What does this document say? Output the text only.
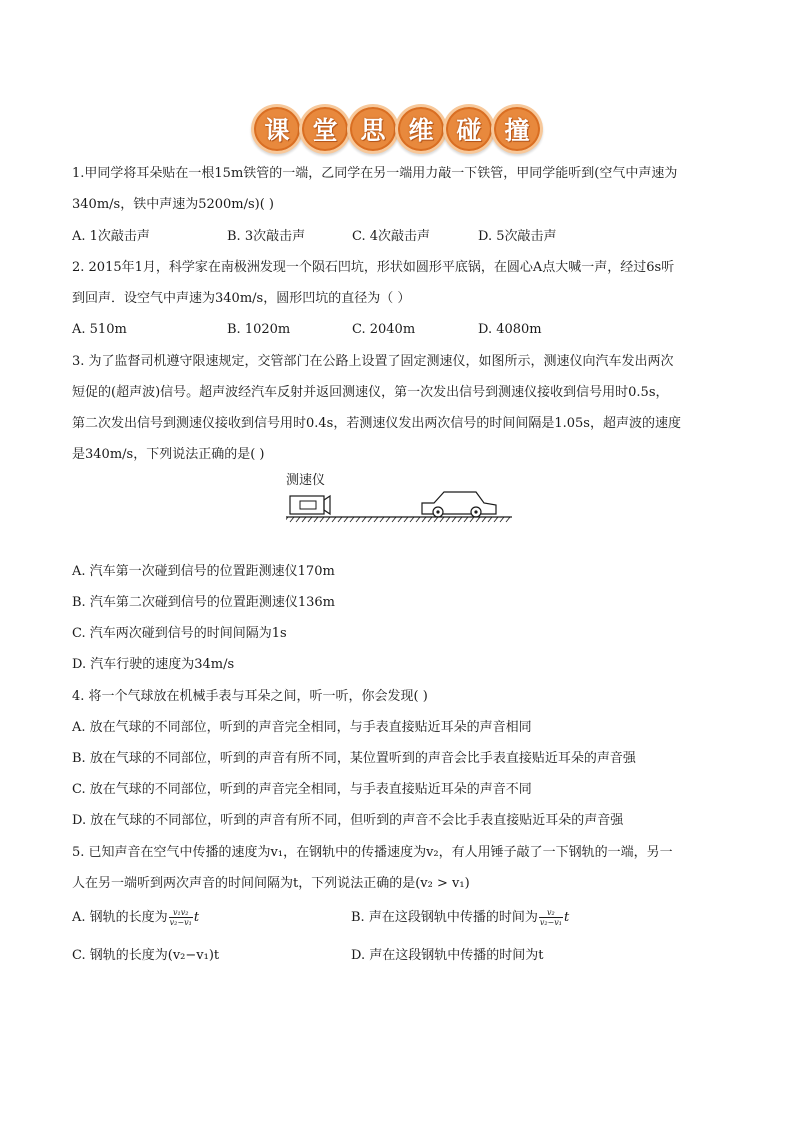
课 堂 思 维 碰 撞
1.甲同学将耳朵贴在一根15m铁管的一端，乙同学在另一端用力敲一下铁管，甲同学能听到(空气中声速为
340m/s，铁中声速为5200m/s)( )
A. 1次敲击声	B. 3次敲击声	C. 4次敲击声	D. 5次敲击声
2. 2015年1月，科学家在南极洲发现一个陨石凹坑，形状如圆形平底锅，在圆心A点大喊一声，经过6s听
到回声．设空气中声速为340m/s，圆形凹坑的直径为（ ）
A. 510m	B. 1020m	C. 2040m	D. 4080m
3. 为了监督司机遵守限速规定，交管部门在公路上设置了固定测速仪，如图所示，测速仪向汽车发出两次
短促的(超声波)信号。超声波经汽车反射并返回测速仪，第一次发出信号到测速仪接收到信号用时0.5s，
第二次发出信号到测速仪接收到信号用时0.4s，若测速仪发出两次信号的时间间隔是1.05s，超声波的速度
是340m/s，下列说法正确的是( )
测速仪
A. 汽车第一次碰到信号的位置距测速仪170m
B. 汽车第二次碰到信号的位置距测速仪136m
C. 汽车两次碰到信号的时间间隔为1s
D. 汽车行驶的速度为34m/s
4. 将一个气球放在机械手表与耳朵之间，听一听，你会发现( )
A. 放在气球的不同部位，听到的声音完全相同，与手表直接贴近耳朵的声音相同
B. 放在气球的不同部位，听到的声音有所不同，某位置听到的声音会比手表直接贴近耳朵的声音强
C. 放在气球的不同部位，听到的声音完全相同，与手表直接贴近耳朵的声音不同
D. 放在气球的不同部位，听到的声音有所不同，但听到的声音不会比手表直接贴近耳朵的声音强
5. 已知声音在空气中传播的速度为v₁，在钢轨中的传播速度为v₂，有人用锤子敲了一下钢轨的一端，另一
人在另一端听到两次声音的时间间隔为t，下列说法正确的是(v₂ > v₁)
A. 钢轨的长度为 $\frac{\text{v₁v₂}}{\text{v₂−v₁}}$ t	B. 声在这段钢轨中传播的时间为 $\frac{\text{v₂}}{\text{v₂−v₁}}$ t
C. 钢轨的长度为(v₂−v₁)t	D. 声在这段钢轨中传播的时间为t
